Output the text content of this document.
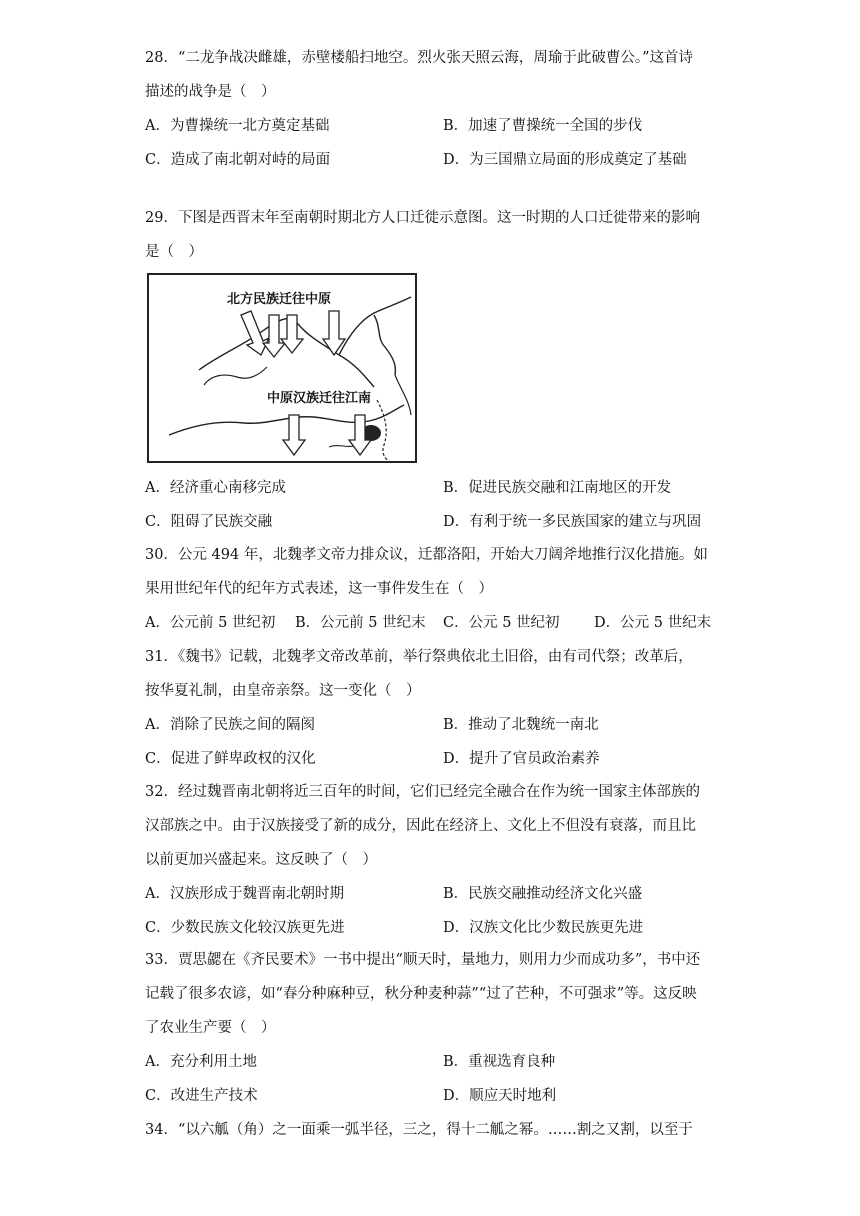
28．“二龙争战决雌雄，赤壁楼船扫地空。烈火张天照云海，周瑜于此破曹公。”这首诗
描述的战争是（　）
A．为曹操统一北方奠定基础	B．加速了曹操统一全国的步伐
C．造成了南北朝对峙的局面	D．为三国鼎立局面的形成奠定了基础
29．下图是西晋末年至南朝时期北方人口迁徙示意图。这一时期的人口迁徙带来的影响
是（　）
北方民族迁往中原
中原汉族迁往江南
A．经济重心南移完成	B．促进民族交融和江南地区的开发
C．阻碍了民族交融	D．有利于统一多民族国家的建立与巩固
30．公元 494 年，北魏孝文帝力排众议，迁都洛阳，开始大刀阔斧地推行汉化措施。如
果用世纪年代的纪年方式表述，这一事件发生在（　）
A．公元前 5 世纪初 B．公元前 5 世纪末 C．公元 5 世纪初 D．公元 5 世纪末
31．《魏书》记载，北魏孝文帝改革前，举行祭典依北土旧俗，由有司代祭；改革后，
按华夏礼制，由皇帝亲祭。这一变化（　）
A．消除了民族之间的隔阂	B．推动了北魏统一南北
C．促进了鲜卑政权的汉化	D．提升了官员政治素养
32．经过魏晋南北朝将近三百年的时间，它们已经完全融合在作为统一国家主体部族的
汉部族之中。由于汉族接受了新的成分，因此在经济上、文化上不但没有衰落，而且比
以前更加兴盛起来。这反映了（　）
A．汉族形成于魏晋南北朝时期	B．民族交融推动经济文化兴盛
C．少数民族文化较汉族更先进	D．汉族文化比少数民族更先进
33．贾思勰在《齐民要术》一书中提出“顺天时，量地力，则用力少而成功多”，书中还
记载了很多农谚，如“春分种麻种豆，秋分种麦种蒜”“过了芒种，不可强求”等。这反映
了农业生产要（　）
A．充分利用土地	B．重视选育良种
C．改进生产技术	D．顺应天时地利
34．“以六觚（角）之一面乘一弧半径，三之，得十二觚之幂。……割之又割，以至于
